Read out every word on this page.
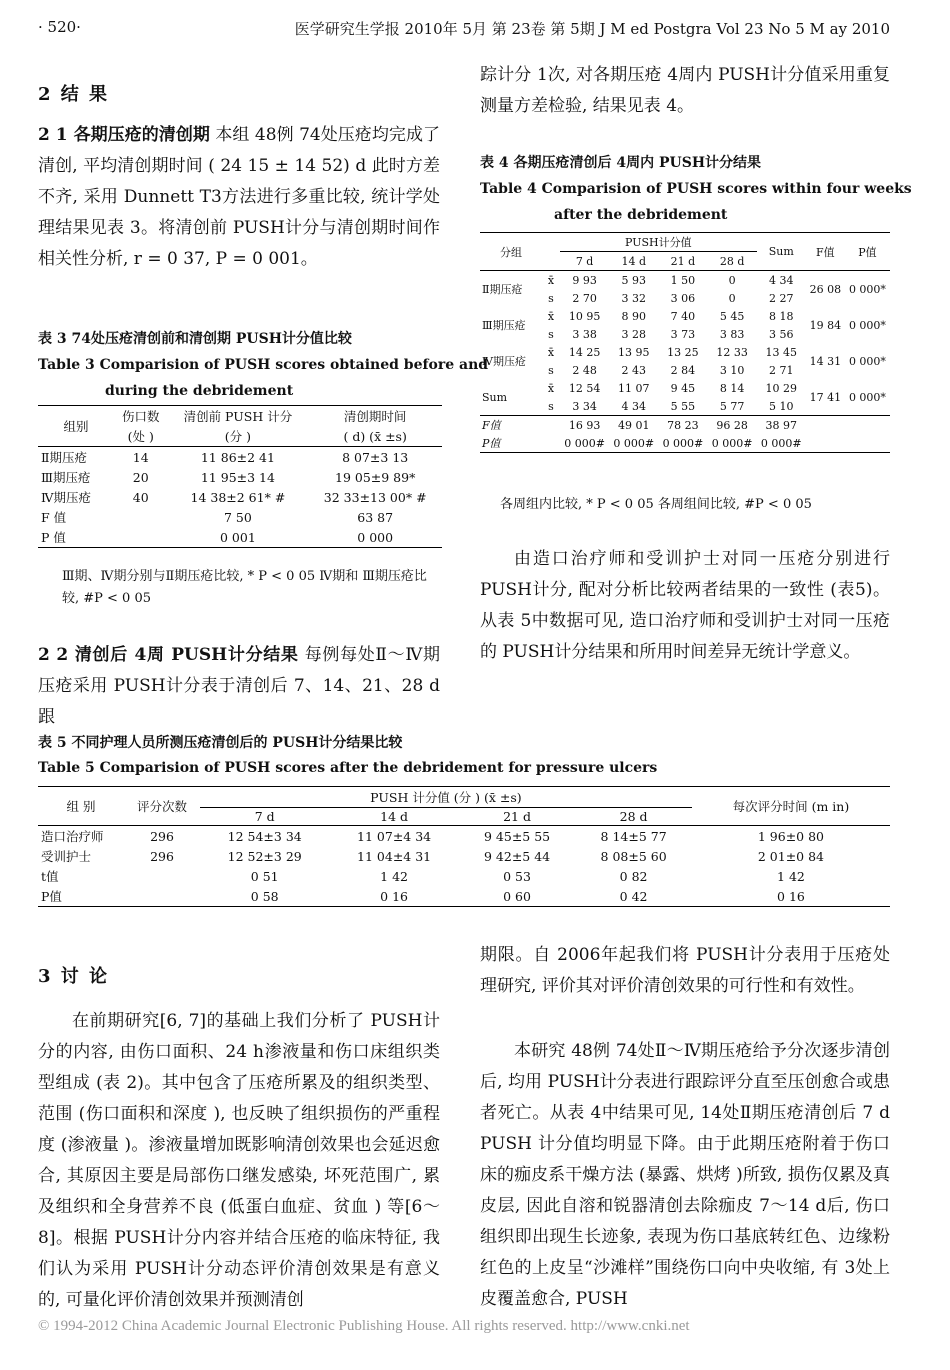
· 520·	医学研究生学报 2010年 5月 第 23卷 第 5期 J M ed Postgra Vol 23 No 5 M ay 2010
2 结 果
2 1 各期压疮的清创期 本组 48例 74处压疮均完成了清创, 平均清创期时间 ( 24 15 ± 14 52) d 此时方差不齐, 采用 Dunnett T3方法进行多重比较, 统计学处理结果见表 3。将清创前 PUSH计分与清创期时间作相关性分析, r = 0 37, P = 0 001。
表 3 74处压疮清创前和清创期 PUSH计分值比较
Table 3 Comparision of PUSH scores obtained before and
during the debridement
组别	伤口数	清创前 PUSH 计分	清创期时间
	(处 )	(分 )	( d) (x̄ ±s)
Ⅱ期压疮	14	11 86±2 41	8 07±3 13
Ⅲ期压疮	20	11 95±3 14	19 05±9 89*
Ⅳ期压疮	40	14 38±2 61* #	32 33±13 00* #
F 值		7 50	63 87
P 值		0 001	0 000
Ⅲ期、Ⅳ期分别与Ⅱ期压疮比较, * P < 0 05 Ⅳ期和 Ⅲ期压疮比较, #P < 0 05
2 2 清创后 4周 PUSH计分结果 每例每处Ⅱ～Ⅳ期压疮采用 PUSH计分表于清创后 7、14、21、28 d跟
踪计分 1次, 对各期压疮 4周内 PUSH计分值采用重复测量方差检验, 结果见表 4。
表 4 各期压疮清创后 4周内 PUSH计分结果
Table 4 Comparision of PUSH scores within four weeks
after the debridement
分组		PUSH计分值				Sum	F值	P值
		7 d	14 d	21 d	28 d			
Ⅱ期压疮	x̄	9 93	5 93	1 50	0	4 34	26 08	0 000*
	s	2 70	3 32	3 06	0	2 27		
Ⅲ期压疮	x̄	10 95	8 90	7 40	5 45	8 18	19 84	0 000*
	s	3 38	3 28	3 73	3 83	3 56		
Ⅳ期压疮	x̄	14 25	13 95	13 25	12 33	13 45	14 31	0 000*
	s	2 48	2 43	2 84	3 10	2 71		
Sum	x̄	12 54	11 07	9 45	8 14	10 29	17 41	0 000*
	s	3 34	4 34	5 55	5 77	5 10		
F值		16 93	49 01	78 23	96 28	38 97		
P值		0 000#	0 000#	0 000#	0 000#	0 000#		
各周组内比较, * P < 0 05 各周组间比较, #P < 0 05
由造口治疗师和受训护士对同一压疮分别进行PUSH计分, 配对分析比较两者结果的一致性 (表5)。从表 5中数据可见, 造口治疗师和受训护士对同一压疮的 PUSH计分结果和所用时间差异无统计学意义。
表 5 不同护理人员所测压疮清创后的 PUSH计分结果比较
Table 5 Comparision of PUSH scores after the debridement for pressure ulcers
组 别	评分次数	PUSH 计分值 (分 ) (x̄ ±s)				每次评分时间 (m in)
		7 d	14 d	21 d	28 d	
造口治疗师	296	12 54±3 34	11 07±4 34	9 45±5 55	8 14±5 77	1 96±0 80
受训护士	296	12 52±3 29	11 04±4 31	9 42±5 44	8 08±5 60	2 01±0 84
t值		0 51	1 42	0 53	0 82	1 42
P值		0 58	0 16	0 60	0 42	0 16
3 讨 论
在前期研究[6, 7]的基础上我们分析了 PUSH计分的内容, 由伤口面积、24 h渗液量和伤口床组织类型组成 (表 2)。其中包含了压疮所累及的组织类型、范围 (伤口面积和深度 ), 也反映了组织损伤的严重程度 (渗液量 )。渗液量增加既影响清创效果也会延迟愈合, 其原因主要是局部伤口继发感染, 坏死范围广, 累及组织和全身营养不良 (低蛋白血症、贫血 ) 等[6～8]。根据 PUSH计分内容并结合压疮的临床特征, 我们认为采用 PUSH计分动态评价清创效果是有意义的, 可量化评价清创效果并预测清创
期限。自 2006年起我们将 PUSH计分表用于压疮处理研究, 评价其对评价清创效果的可行性和有效性。
本研究 48例 74处Ⅱ～Ⅳ期压疮给予分次逐步清创后, 均用 PUSH计分表进行跟踪评分直至压创愈合或患者死亡。从表 4中结果可见, 14处Ⅱ期压疮清创后 7 d PUSH 计分值均明显下降。由于此期压疮附着于伤口床的痂皮系干燥方法 (暴露、烘烤 )所致, 损伤仅累及真皮层, 因此自溶和锐器清创去除痂皮 7～14 d后, 伤口组织即出现生长迹象, 表现为伤口基底转红色、边缘粉红色的上皮呈“沙滩样”围绕伤口向中央收缩, 有 3处上皮覆盖愈合, PUSH
© 1994-2012 China Academic Journal Electronic Publishing House. All rights reserved. http://www.cnki.net
